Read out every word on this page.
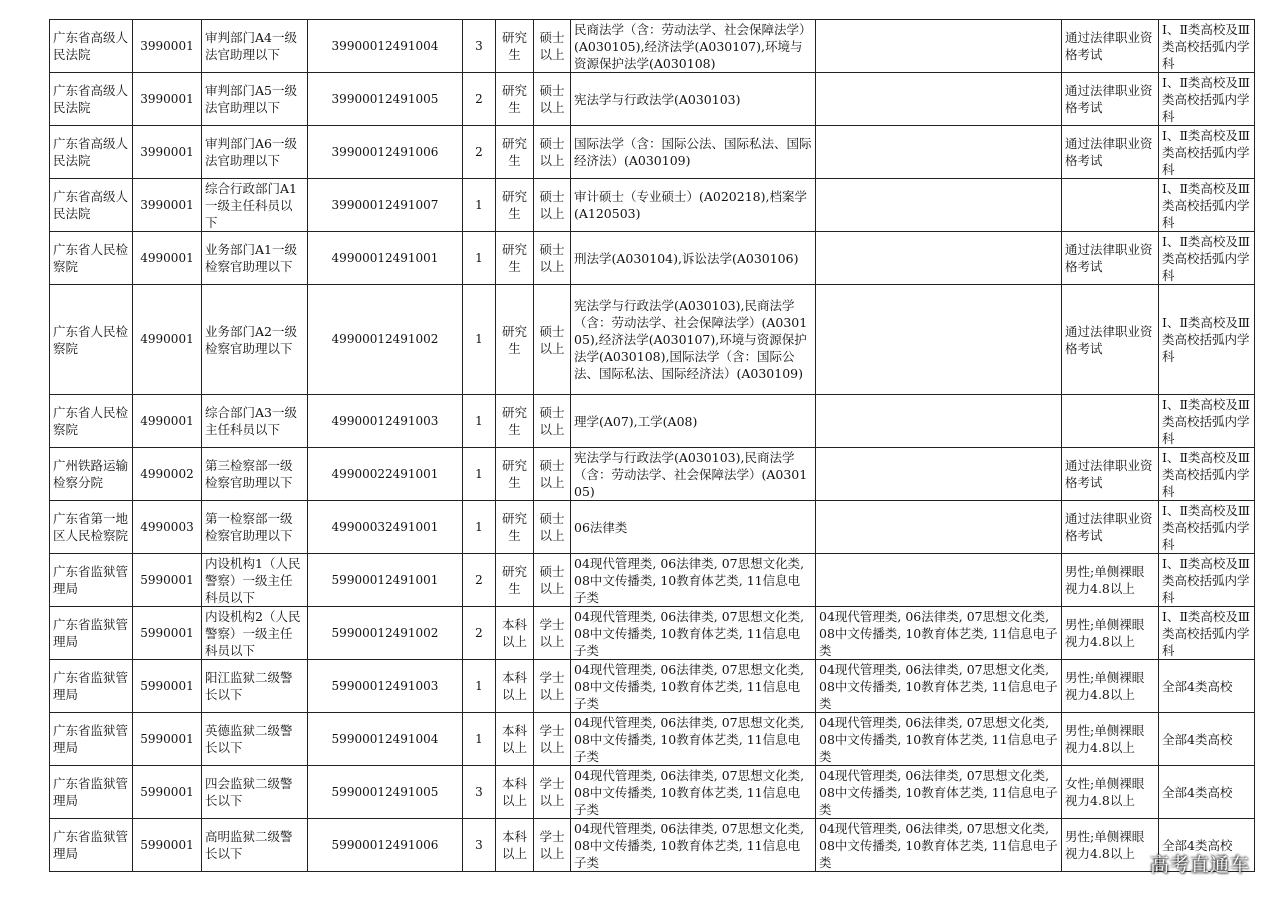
广东省高级人民法院	3990001	审判部门A4一级法官助理以下	39900012491004	3	研究生	硕士以上	民商法学（含：劳动法学、社会保障法学）(A030105),经济法学(A030107),环境与资源保护法学(A030108)		通过法律职业资格考试	Ⅰ、Ⅱ类高校及Ⅲ类高校括弧内学科
广东省高级人民法院	3990001	审判部门A5一级法官助理以下	39900012491005	2	研究生	硕士以上	宪法学与行政法学(A030103)		通过法律职业资格考试	Ⅰ、Ⅱ类高校及Ⅲ类高校括弧内学科
广东省高级人民法院	3990001	审判部门A6一级法官助理以下	39900012491006	2	研究生	硕士以上	国际法学（含：国际公法、国际私法、国际经济法）(A030109)		通过法律职业资格考试	Ⅰ、Ⅱ类高校及Ⅲ类高校括弧内学科
广东省高级人民法院	3990001	综合行政部门A1一级主任科员以下	39900012491007	1	研究生	硕士以上	审计硕士（专业硕士）(A020218),档案学(A120503)			Ⅰ、Ⅱ类高校及Ⅲ类高校括弧内学科
广东省人民检察院	4990001	业务部门A1一级检察官助理以下	49900012491001	1	研究生	硕士以上	刑法学(A030104),诉讼法学(A030106)		通过法律职业资格考试	Ⅰ、Ⅱ类高校及Ⅲ类高校括弧内学科
广东省人民检察院	4990001	业务部门A2一级检察官助理以下	49900012491002	1	研究生	硕士以上	宪法学与行政法学(A030103),民商法学（含：劳动法学、社会保障法学）(A030105),经济法学(A030107),环境与资源保护法学(A030108),国际法学（含：国际公法、国际私法、国际经济法）(A030109)		通过法律职业资格考试	Ⅰ、Ⅱ类高校及Ⅲ类高校括弧内学科
广东省人民检察院	4990001	综合部门A3一级主任科员以下	49900012491003	1	研究生	硕士以上	理学(A07),工学(A08)			Ⅰ、Ⅱ类高校及Ⅲ类高校括弧内学科
广州铁路运输检察分院	4990002	第三检察部一级检察官助理以下	49900022491001	1	研究生	硕士以上	宪法学与行政法学(A030103),民商法学（含：劳动法学、社会保障法学）(A030105)		通过法律职业资格考试	Ⅰ、Ⅱ类高校及Ⅲ类高校括弧内学科
广东省第一地区人民检察院	4990003	第一检察部一级检察官助理以下	49900032491001	1	研究生	硕士以上	06法律类		通过法律职业资格考试	Ⅰ、Ⅱ类高校及Ⅲ类高校括弧内学科
广东省监狱管理局	5990001	内设机构1（人民警察）一级主任科员以下	59900012491001	2	研究生	硕士以上	04现代管理类, 06法律类, 07思想文化类, 08中文传播类, 10教育体艺类, 11信息电子类		男性;单侧裸眼视力4.8以上	Ⅰ、Ⅱ类高校及Ⅲ类高校括弧内学科
广东省监狱管理局	5990001	内设机构2（人民警察）一级主任科员以下	59900012491002	2	本科以上	学士以上	04现代管理类, 06法律类, 07思想文化类, 08中文传播类, 10教育体艺类, 11信息电子类	04现代管理类, 06法律类, 07思想文化类, 08中文传播类, 10教育体艺类, 11信息电子类	男性;单侧裸眼视力4.8以上	Ⅰ、Ⅱ类高校及Ⅲ类高校括弧内学科
广东省监狱管理局	5990001	阳江监狱二级警长以下	59900012491003	1	本科以上	学士以上	04现代管理类, 06法律类, 07思想文化类, 08中文传播类, 10教育体艺类, 11信息电子类	04现代管理类, 06法律类, 07思想文化类, 08中文传播类, 10教育体艺类, 11信息电子类	男性;单侧裸眼视力4.8以上	全部4类高校
广东省监狱管理局	5990001	英德监狱二级警长以下	59900012491004	1	本科以上	学士以上	04现代管理类, 06法律类, 07思想文化类, 08中文传播类, 10教育体艺类, 11信息电子类	04现代管理类, 06法律类, 07思想文化类, 08中文传播类, 10教育体艺类, 11信息电子类	男性;单侧裸眼视力4.8以上	全部4类高校
广东省监狱管理局	5990001	四会监狱二级警长以下	59900012491005	3	本科以上	学士以上	04现代管理类, 06法律类, 07思想文化类, 08中文传播类, 10教育体艺类, 11信息电子类	04现代管理类, 06法律类, 07思想文化类, 08中文传播类, 10教育体艺类, 11信息电子类	女性;单侧裸眼视力4.8以上	全部4类高校
广东省监狱管理局	5990001	高明监狱二级警长以下	59900012491006	3	本科以上	学士以上	04现代管理类, 06法律类, 07思想文化类, 08中文传播类, 10教育体艺类, 11信息电子类	04现代管理类, 06法律类, 07思想文化类, 08中文传播类, 10教育体艺类, 11信息电子类	男性;单侧裸眼视力4.8以上	全部4类高校
高考直通车
